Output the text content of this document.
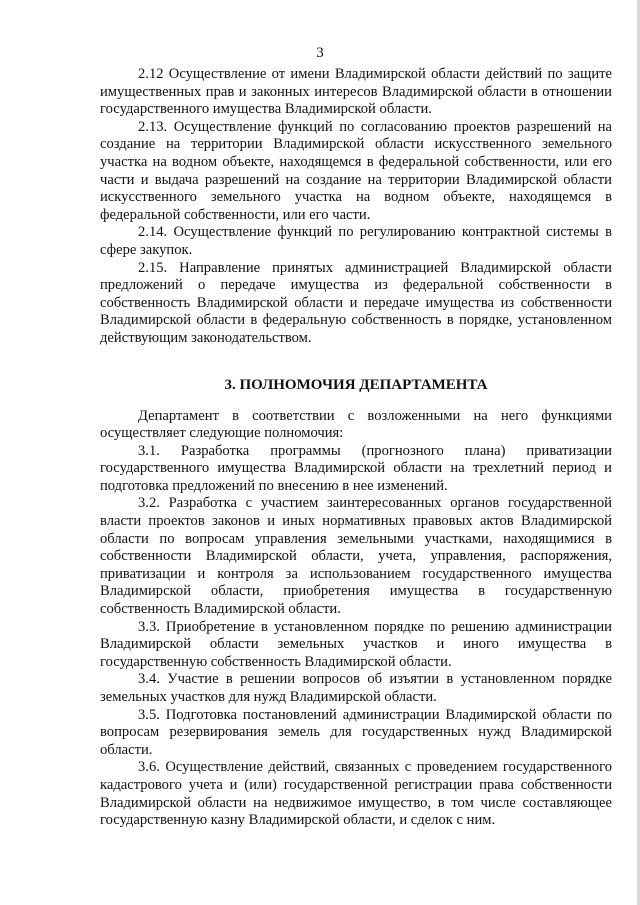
3

2.12 Осуществление от имени Владимирской области действий по защите имущественных прав и законных интересов Владимирской области в отношении государственного имущества Владимирской области.

2.13. Осуществление функций по согласованию проектов разрешений на создание на территории Владимирской области искусственного земельного участка на водном объекте, находящемся в федеральной собственности, или его части и выдача разрешений на создание на территории Владимирской области искусственного земельного участка на водном объекте, находящемся в федеральной собственности, или его части.

2.14. Осуществление функций по регулированию контрактной системы в сфере закупок.

2.15. Направление принятых администрацией Владимирской области предложений о передаче имущества из федеральной собственности в собственность Владимирской области и передаче имущества из собственности Владимирской области в федеральную собственность в порядке, установленном действующим законодательством.

3. ПОЛНОМОЧИЯ ДЕПАРТАМЕНТА

Департамент в соответствии с возложенными на него функциями осуществляет следующие полномочия:

3.1. Разработка программы (прогнозного плана) приватизации государственного имущества Владимирской области на трехлетний период и подготовка предложений по внесению в нее изменений.

3.2. Разработка с участием заинтересованных органов государственной власти проектов законов и иных нормативных правовых актов Владимирской области по вопросам управления земельными участками, находящимися в собственности Владимирской области, учета, управления, распоряжения, приватизации и контроля за использованием государственного имущества Владимирской области, приобретения имущества в государственную собственность Владимирской области.

3.3. Приобретение в установленном порядке по решению администрации Владимирской области земельных участков и иного имущества в государственную собственность Владимирской области.

3.4. Участие в решении вопросов об изъятии в установленном порядке земельных участков для нужд Владимирской области.

3.5. Подготовка постановлений администрации Владимирской области по вопросам резервирования земель для государственных нужд Владимирской области.

3.6. Осуществление действий, связанных с проведением государственного кадастрового учета и (или) государственной регистрации права собственности Владимирской области на недвижимое имущество, в том числе составляющее государственную казну Владимирской области, и сделок с ним.
